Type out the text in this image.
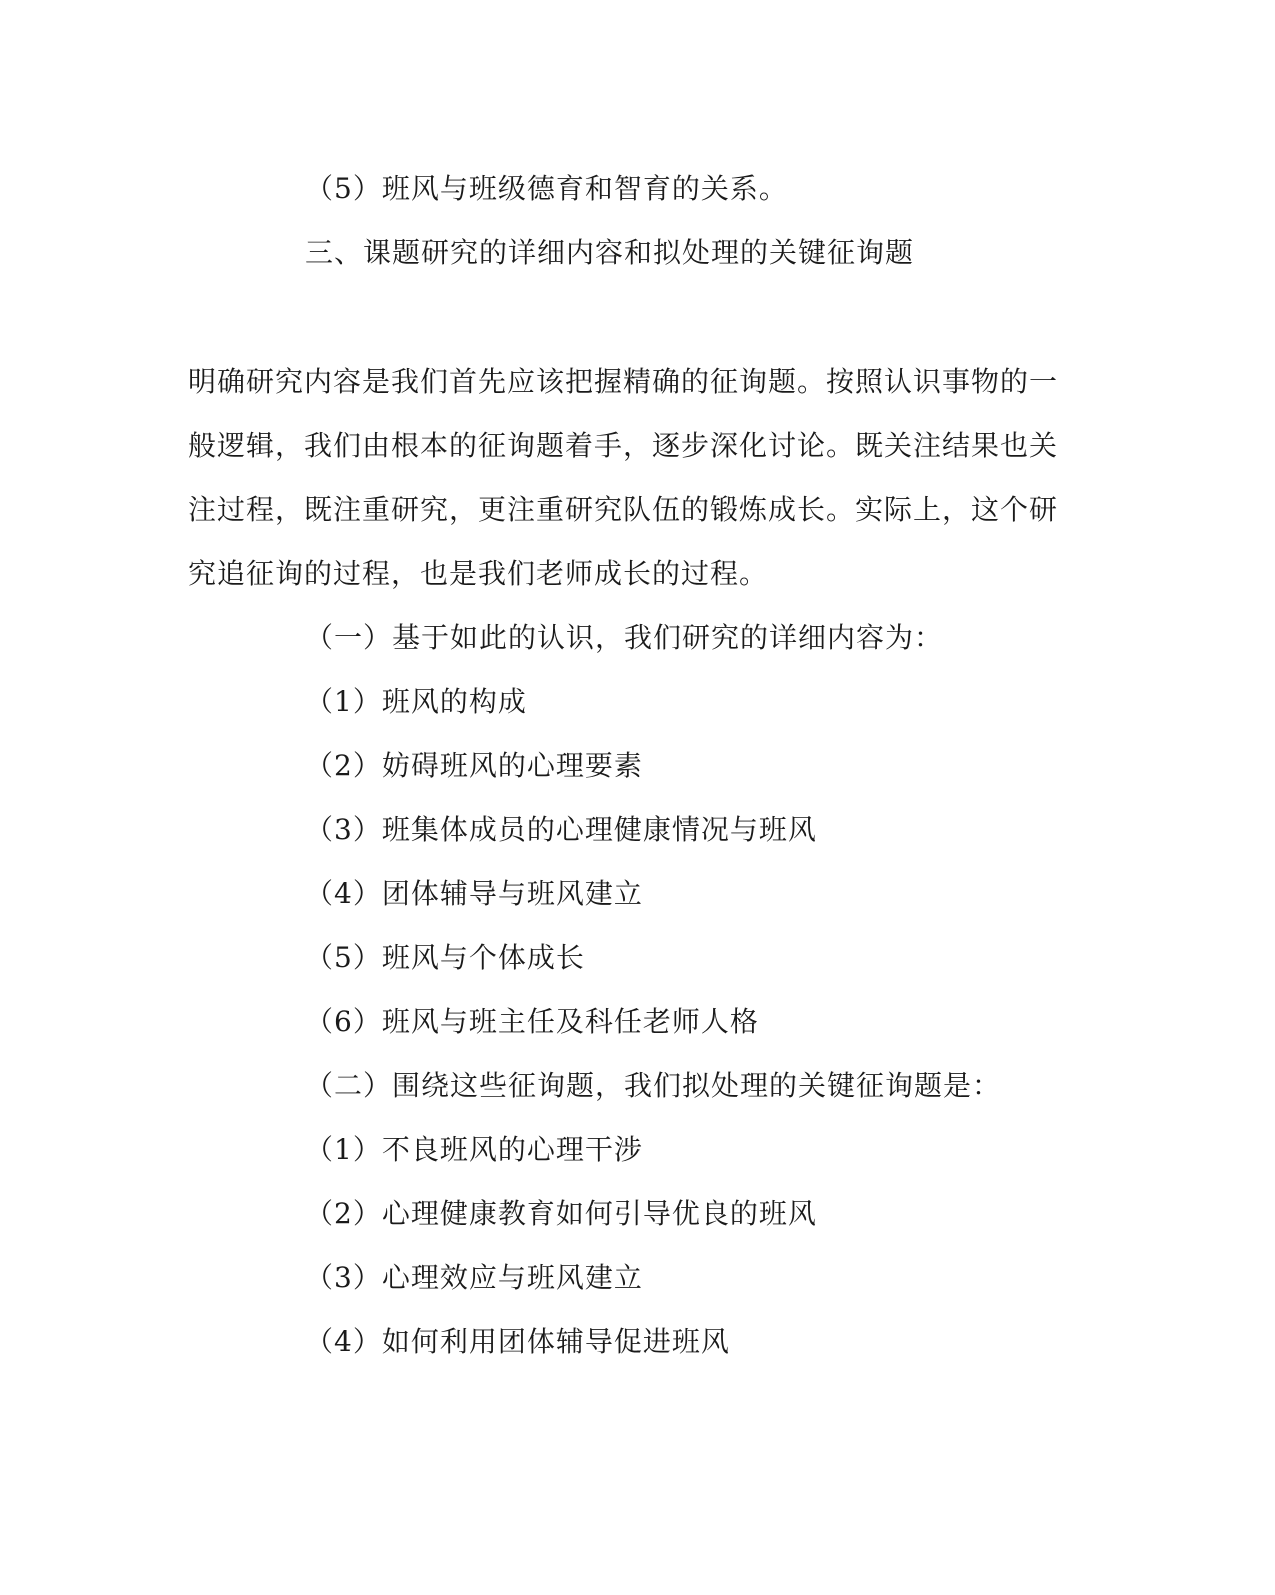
（5）班风与班级德育和智育的关系。
三、课题研究的详细内容和拟处理的关键征询题
明确研究内容是我们首先应该把握精确的征询题。按照认识事物的一
般逻辑，我们由根本的征询题着手，逐步深化讨论。既关注结果也关
注过程，既注重研究，更注重研究队伍的锻炼成长。实际上，这个研
究追征询的过程，也是我们老师成长的过程。
（一）基于如此的认识，我们研究的详细内容为：
（1）班风的构成
（2）妨碍班风的心理要素
（3）班集体成员的心理健康情况与班风
（4）团体辅导与班风建立
（5）班风与个体成长
（6）班风与班主任及科任老师人格
（二）围绕这些征询题，我们拟处理的关键征询题是：
（1）不良班风的心理干涉
（2）心理健康教育如何引导优良的班风
（3）心理效应与班风建立
（4）如何利用团体辅导促进班风
